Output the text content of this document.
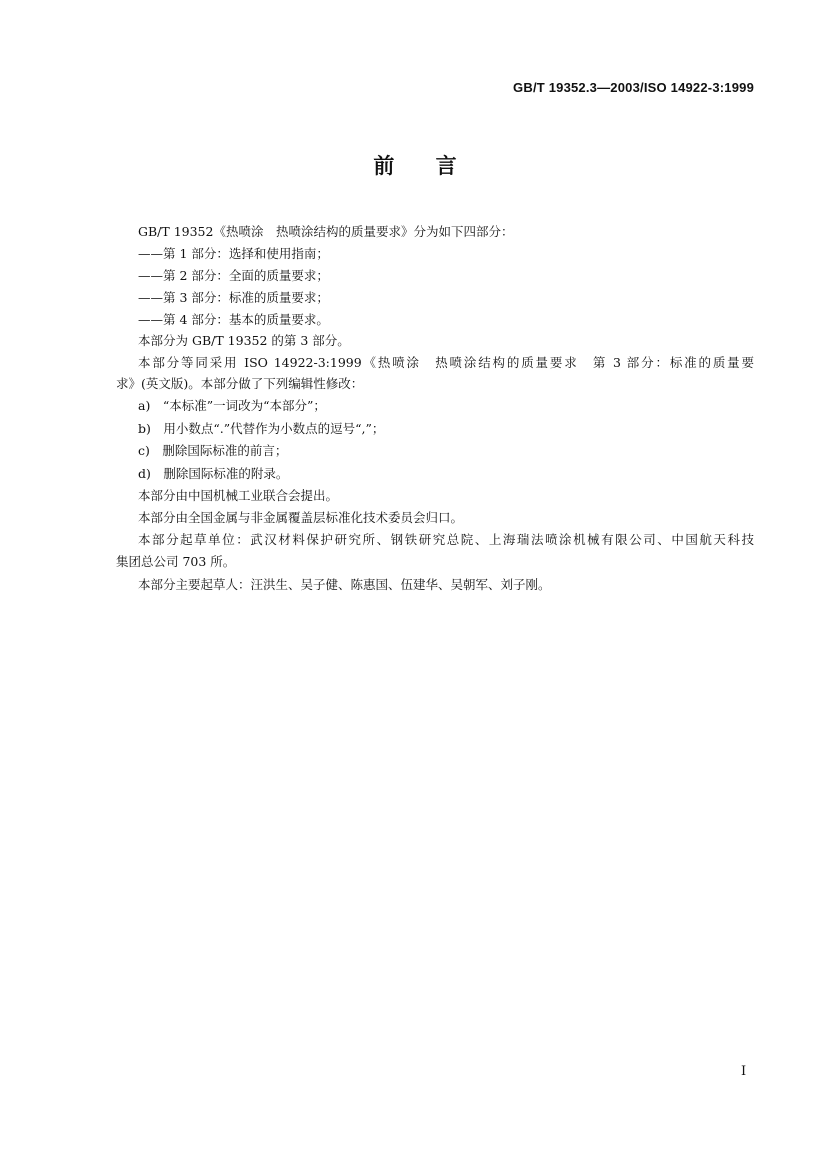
GB/T 19352.3—2003/ISO 14922-3:1999
前 言
GB/T 19352《热喷涂　热喷涂结构的质量要求》分为如下四部分：
——第 1 部分：选择和使用指南；
——第 2 部分：全面的质量要求；
——第 3 部分：标准的质量要求；
——第 4 部分：基本的质量要求。
本部分为 GB/T 19352 的第 3 部分。
本部分等同采用 ISO 14922-3:1999《热喷涂　热喷涂结构的质量要求　第 3 部分：标准的质量要
求》(英文版)。本部分做了下列编辑性修改：
a)　“本标准”一词改为“本部分”；
b)　用小数点“.”代替作为小数点的逗号“,”；
c)　删除国际标准的前言；
d)　删除国际标准的附录。
本部分由中国机械工业联合会提出。
本部分由全国金属与非金属覆盖层标准化技术委员会归口。
本部分起草单位：武汉材料保护研究所、钢铁研究总院、上海瑞法喷涂机械有限公司、中国航天科技
集团总公司 703 所。
本部分主要起草人：汪洪生、吴子健、陈惠国、伍建华、吴朝军、刘子刚。
I
